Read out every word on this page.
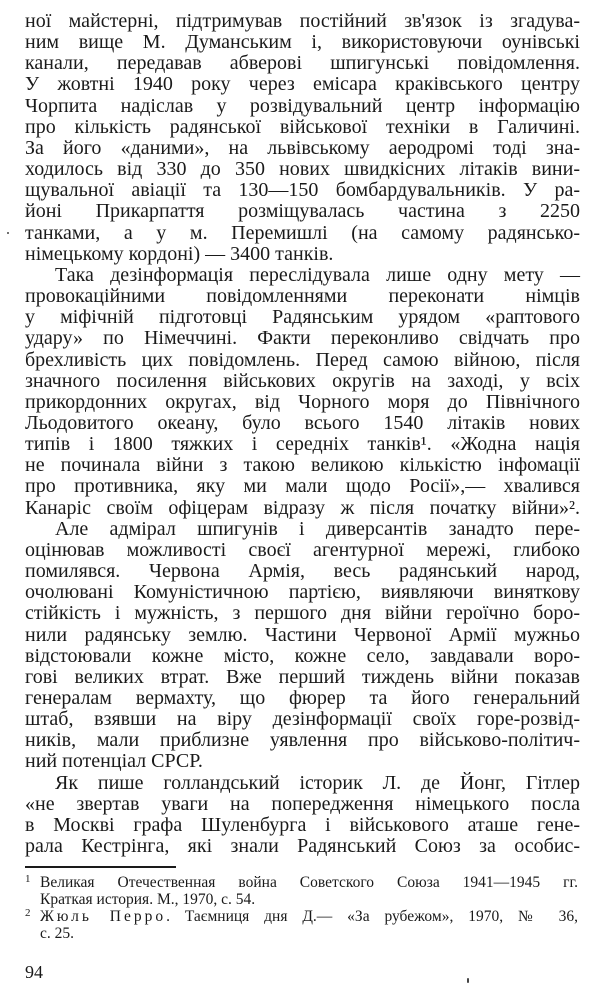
ної майстерні, підтримував постійний зв'язок із згадува-
ним вище М. Думанським і, використовуючи оунівські
канали, передавав абверові шпигунські повідомлення.
У жовтні 1940 року через емісара краківського центру
Чорпита надіслав у розвідувальний центр інформацію
про кількість радянської військової техніки в Галичині.
За його «даними», на львівському аеродромі тоді зна-
ходилось від 330 до 350 нових швидкісних літаків вини-
щувальної авіації та 130—150 бомбардувальників. У ра-
йоні Прикарпаття розміщувалась частина з 2250
танками, а у м. Перемишлі (на самому радянсько-
німецькому кордоні) — 3400 танків.
Така дезінформація переслідувала лише одну мету —
провокаційними повідомленнями переконати німців
у міфічній підготовці Радянським урядом «раптового
удару» по Німеччині. Факти переконливо свідчать про
брехливість цих повідомлень. Перед самою війною, після
значного посилення військових округів на заході, у всіх
прикордонних округах, від Чорного моря до Північного
Льодовитого океану, було всього 1540 літаків нових
типів і 1800 тяжких і середніх танків¹. «Жодна нація
не починала війни з такою великою кількістю інфомації
про противника, яку ми мали щодо Росії»,— хвалився
Канаріс своїм офіцерам відразу ж після початку війни»².
Але адмірал шпигунів і диверсантів занадто пере-
оцінював можливості своєї агентурної мережі, глибоко
помилявся. Червона Армія, весь радянський народ,
очолювані Комуністичною партією, виявляючи виняткову
стійкість і мужність, з першого дня війни героїчно боро-
нили радянську землю. Частини Червоної Армії мужньо
відстоювали кожне місто, кожне село, завдавали воро-
гові великих втрат. Вже перший тиждень війни показав
генералам вермахту, що фюрер та його генеральний
штаб, взявши на віру дезінформації своїх горе-розвід-
ників, мали приблизне уявлення про військово-політич-
ний потенціал СРСР.
Як пише голландський історик Л. де Йонг, Гітлер
«не звертав уваги на попередження німецького посла
в Москві графа Шуленбурга і військового аташе гене-
рала Кестрінга, які знали Радянський Союз за особис-
1 Великая Отечественная война Советского Союза 1941—1945 гг.
Краткая история. М., 1970, с. 54.
2 Жюль Перро. Таємниця дня Д.— «За рубежом», 1970, № 36,
с. 25.
94
